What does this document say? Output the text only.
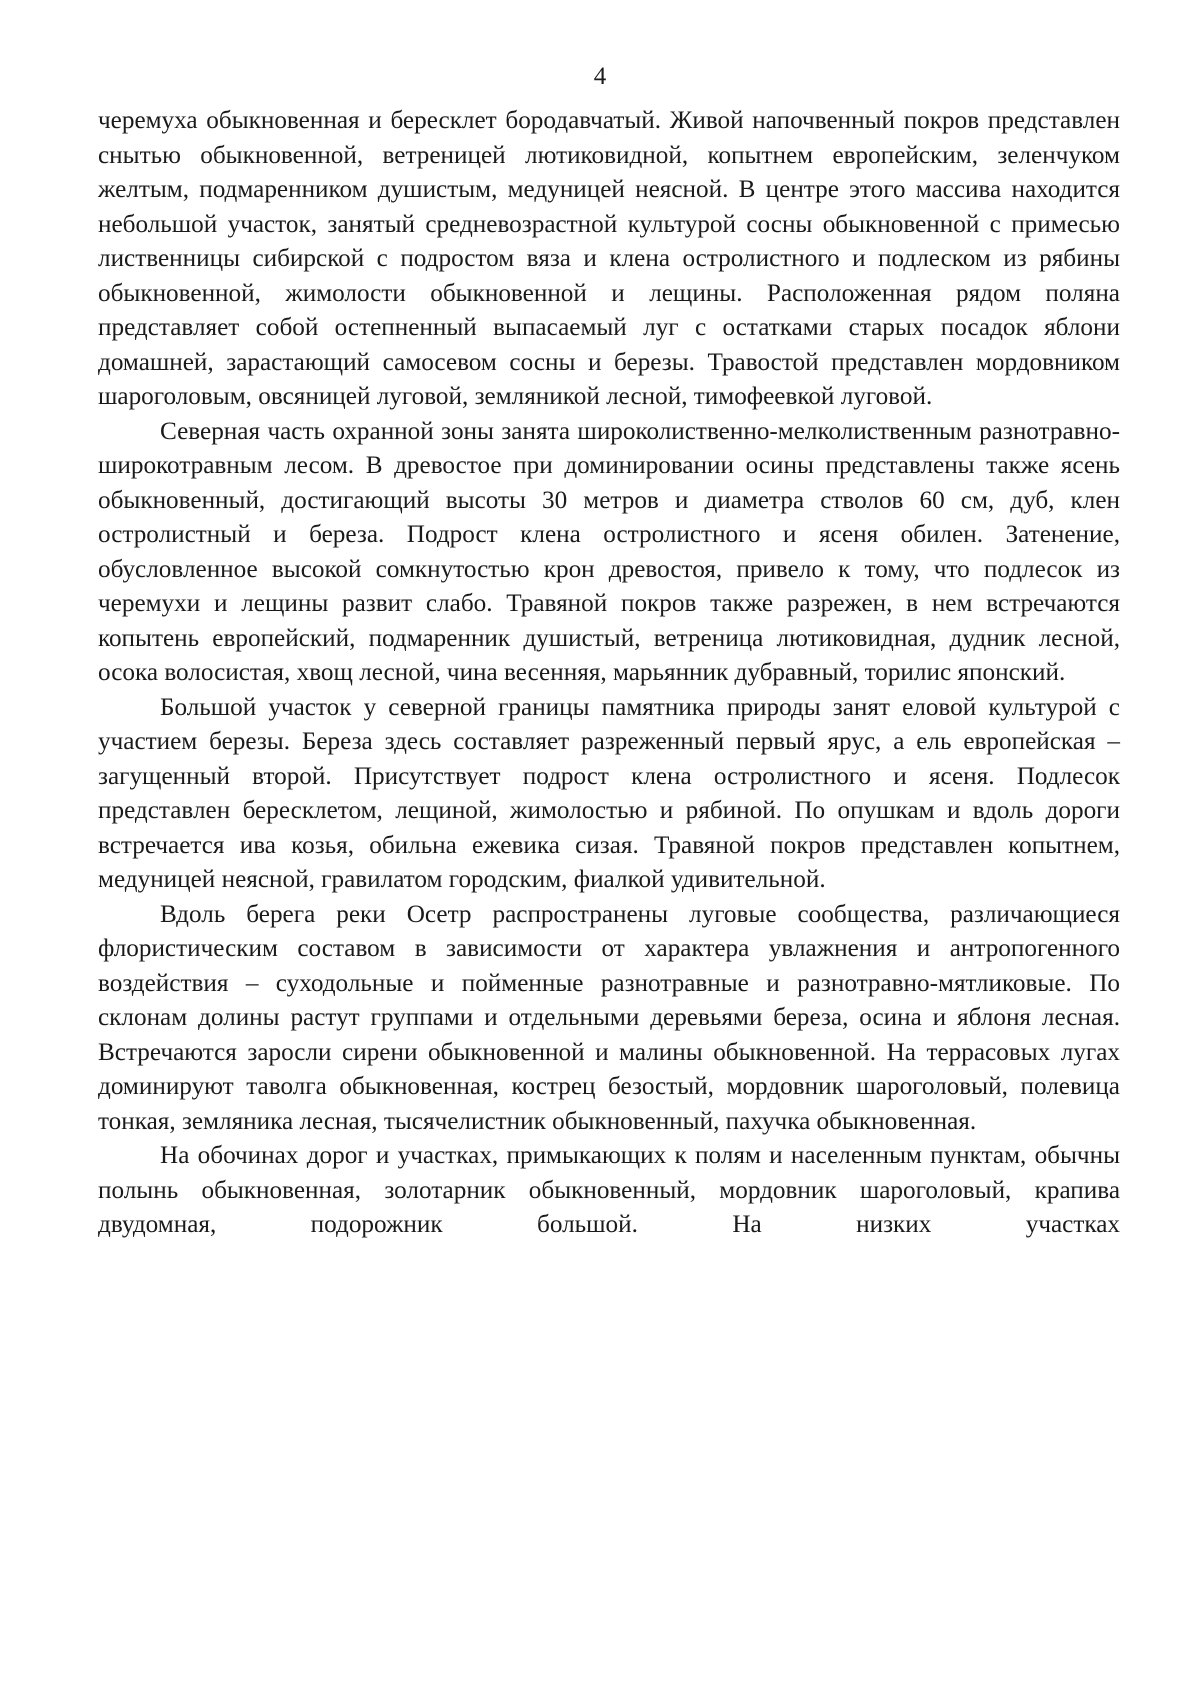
4

черемуха обыкновенная и бересклет бородавчатый. Живой напочвенный покров представлен снытью обыкновенной, ветреницей лютиковидной, копытнем европейским, зеленчуком желтым, подмаренником душистым, медуницей неясной. В центре этого массива находится небольшой участок, занятый средневозрастной культурой сосны обыкновенной с примесью лиственницы сибирской с подростом вяза и клена остролистного и подлеском из рябины обыкновенной, жимолости обыкновенной и лещины. Расположенная рядом поляна представляет собой остепненный выпасаемый луг с остатками старых посадок яблони домашней, зарастающий самосевом сосны и березы. Травостой представлен мордовником шароголовым, овсяницей луговой, земляникой лесной, тимофеевкой луговой.

Северная часть охранной зоны занята широколиственно-мелколиственным разнотравно-широкотравным лесом. В древостое при доминировании осины представлены также ясень обыкновенный, достигающий высоты 30 метров и диаметра стволов 60 см, дуб, клен остролистный и береза. Подрост клена остролистного и ясеня обилен. Затенение, обусловленное высокой сомкнутостью крон древостоя, привело к тому, что подлесок из черемухи и лещины развит слабо. Травяной покров также разрежен, в нем встречаются копытень европейский, подмаренник душистый, ветреница лютиковидная, дудник лесной, осока волосистая, хвощ лесной, чина весенняя, марьянник дубравный, торилис японский.

Большой участок у северной границы памятника природы занят еловой культурой с участием березы. Береза здесь составляет разреженный первый ярус, а ель европейская – загущенный второй. Присутствует подрост клена остролистного и ясеня. Подлесок представлен бересклетом, лещиной, жимолостью и рябиной. По опушкам и вдоль дороги встречается ива козья, обильна ежевика сизая. Травяной покров представлен копытнем, медуницей неясной, гравилатом городским, фиалкой удивительной.

Вдоль берега реки Осетр распространены луговые сообщества, различающиеся флористическим составом в зависимости от характера увлажнения и антропогенного воздействия – суходольные и пойменные разнотравные и разнотравно-мятликовые. По склонам долины растут группами и отдельными деревьями береза, осина и яблоня лесная. Встречаются заросли сирени обыкновенной и малины обыкновенной. На террасовых лугах доминируют таволга обыкновенная, кострец безостый, мордовник шароголовый, полевица тонкая, земляника лесная, тысячелистник обыкновенный, пахучка обыкновенная.

На обочинах дорог и участках, примыкающих к полям и населенным пунктам, обычны полынь обыкновенная, золотарник обыкновенный, мордовник шароголовый, крапива двудомная, подорожник большой. На низких участках
